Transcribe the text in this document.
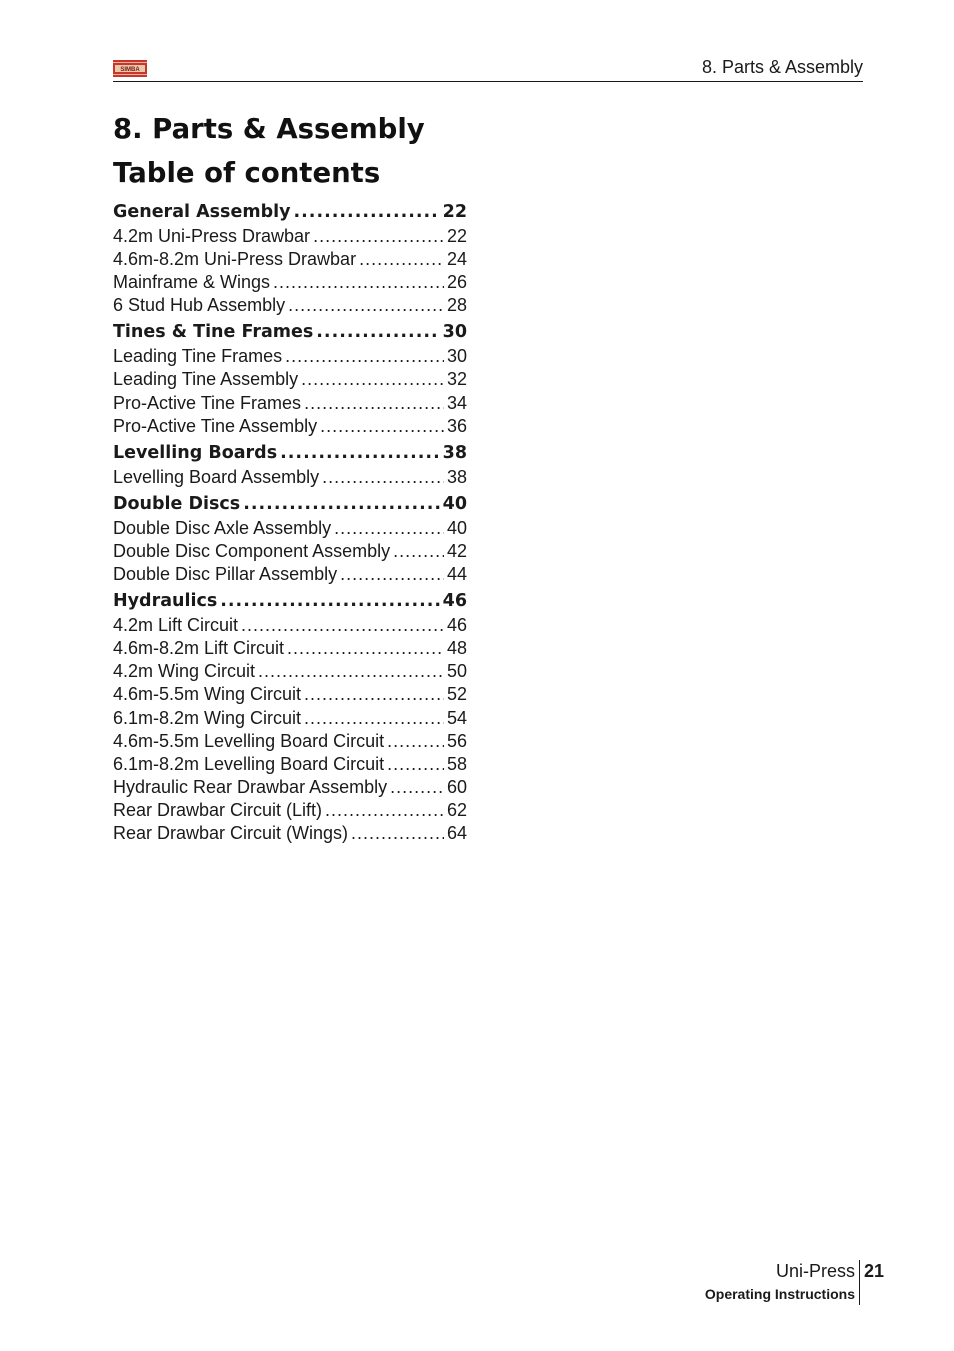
SIMBA	8. Parts & Assembly
8. Parts & Assembly
Table of contents
General Assembly .....	22
4.2m Uni-Press Drawbar .....	22
4.6m-8.2m Uni-Press Drawbar .....	24
Mainframe & Wings .....	26
6 Stud Hub Assembly .....	28
Tines & Tine Frames .....	30
Leading Tine Frames .....	30
Leading Tine Assembly .....	32
Pro-Active Tine Frames .....	34
Pro-Active Tine Assembly .....	36
Levelling Boards .....	38
Levelling Board Assembly .....	38
Double Discs .....	40
Double Disc Axle Assembly .....	40
Double Disc Component Assembly .....	42
Double Disc Pillar Assembly .....	44
Hydraulics .....	46
4.2m Lift Circuit .....	46
4.6m-8.2m Lift Circuit .....	48
4.2m Wing Circuit .....	50
4.6m-5.5m Wing Circuit .....	52
6.1m-8.2m Wing Circuit .....	54
4.6m-5.5m Levelling Board Circuit .....	56
6.1m-8.2m Levelling Board Circuit .....	58
Hydraulic Rear Drawbar Assembly .....	60
Rear Drawbar Circuit (Lift) .....	62
Rear Drawbar Circuit (Wings) .....	64
Uni-Press
Operating Instructions
21
